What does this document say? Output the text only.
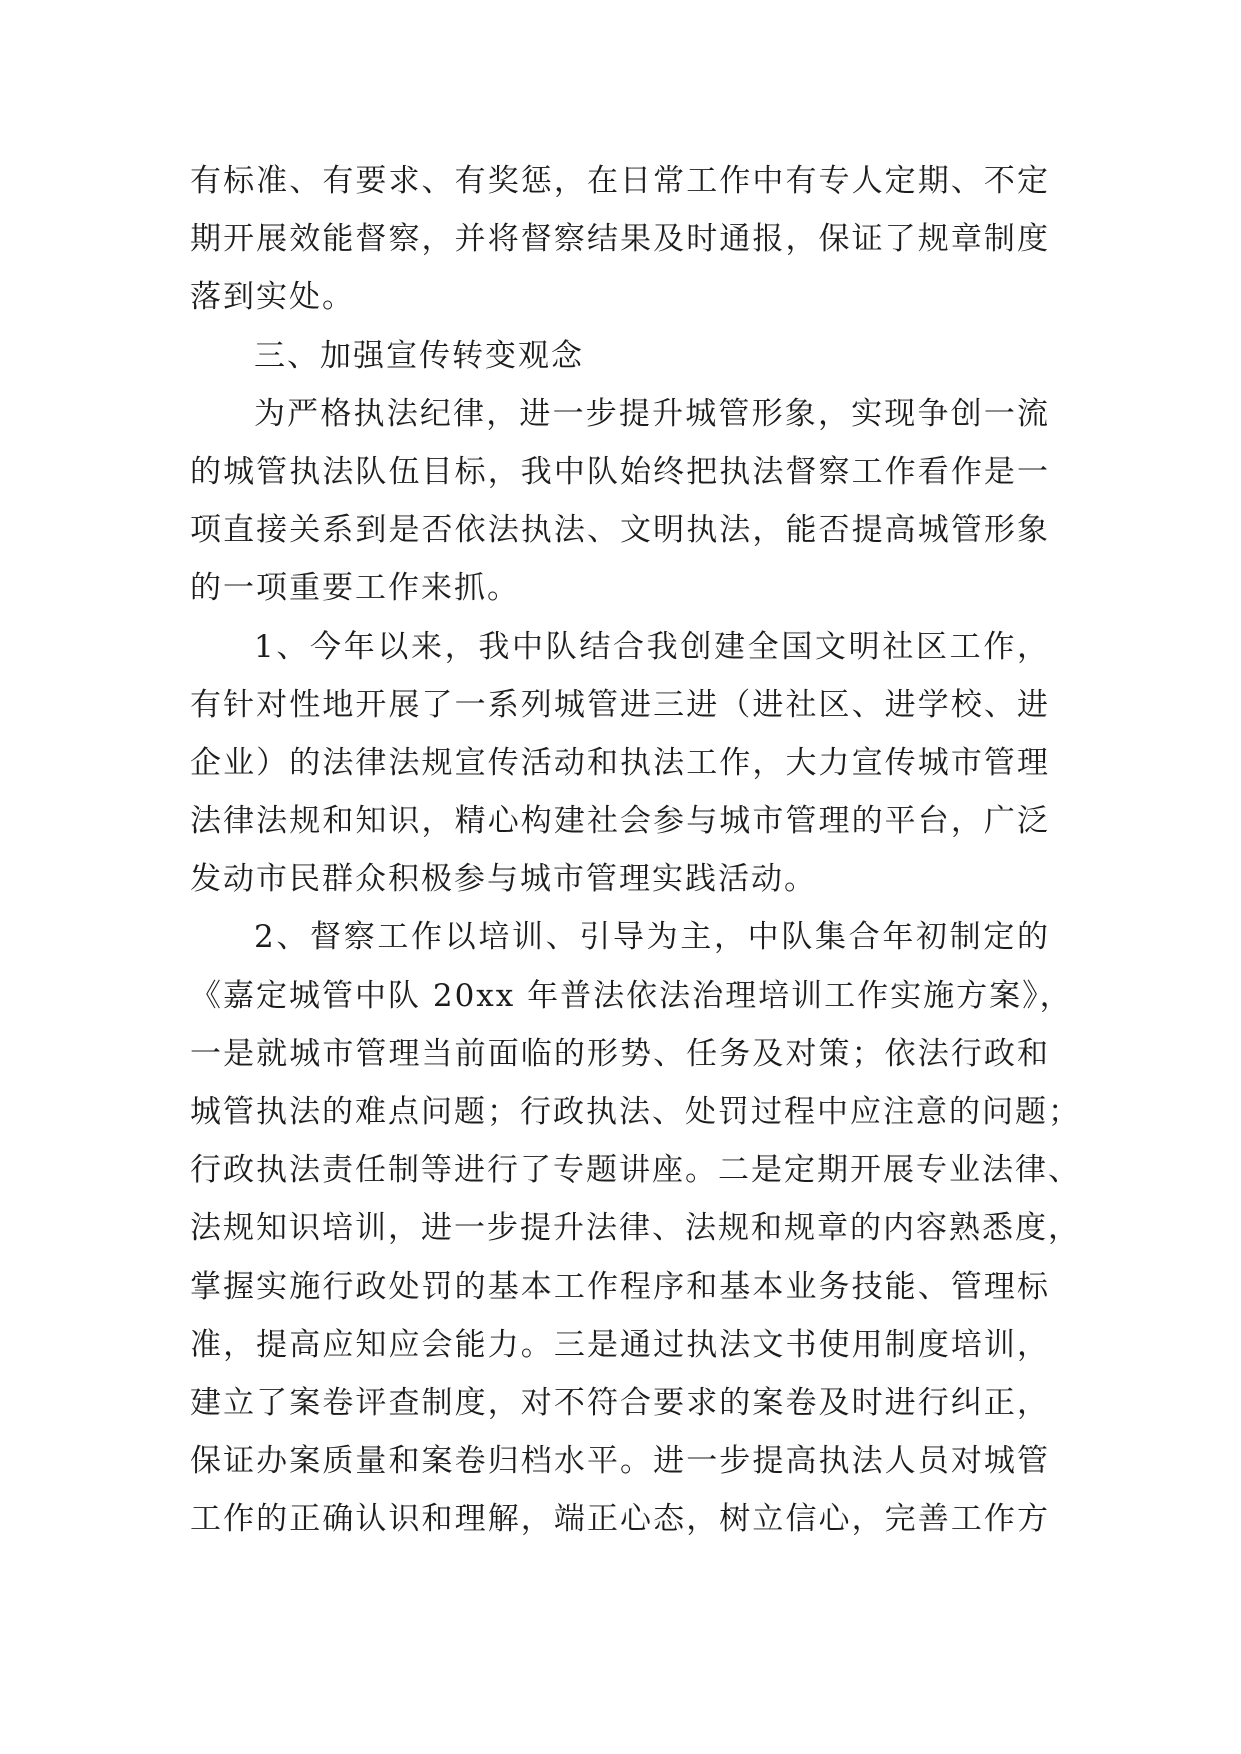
有标准、有要求、有奖惩，在日常工作中有专人定期、不定
期开展效能督察，并将督察结果及时通报，保证了规章制度
落到实处。
三、加强宣传转变观念
为严格执法纪律，进一步提升城管形象，实现争创一流
的城管执法队伍目标，我中队始终把执法督察工作看作是一
项直接关系到是否依法执法、文明执法，能否提高城管形象
的一项重要工作来抓。
1、今年以来，我中队结合我创建全国文明社区工作，
有针对性地开展了一系列城管进三进（进社区、进学校、进
企业）的法律法规宣传活动和执法工作，大力宣传城市管理
法律法规和知识，精心构建社会参与城市管理的平台，广泛
发动市民群众积极参与城市管理实践活动。
2、督察工作以培训、引导为主，中队集合年初制定的
《嘉定城管中队 20xx 年普法依法治理培训工作实施方案》，
一是就城市管理当前面临的形势、任务及对策；依法行政和
城管执法的难点问题；行政执法、处罚过程中应注意的问题；
行政执法责任制等进行了专题讲座。二是定期开展专业法律、
法规知识培训，进一步提升法律、法规和规章的内容熟悉度，
掌握实施行政处罚的基本工作程序和基本业务技能、管理标
准，提高应知应会能力。三是通过执法文书使用制度培训，
建立了案卷评查制度，对不符合要求的案卷及时进行纠正，
保证办案质量和案卷归档水平。进一步提高执法人员对城管
工作的正确认识和理解，端正心态，树立信心，完善工作方
